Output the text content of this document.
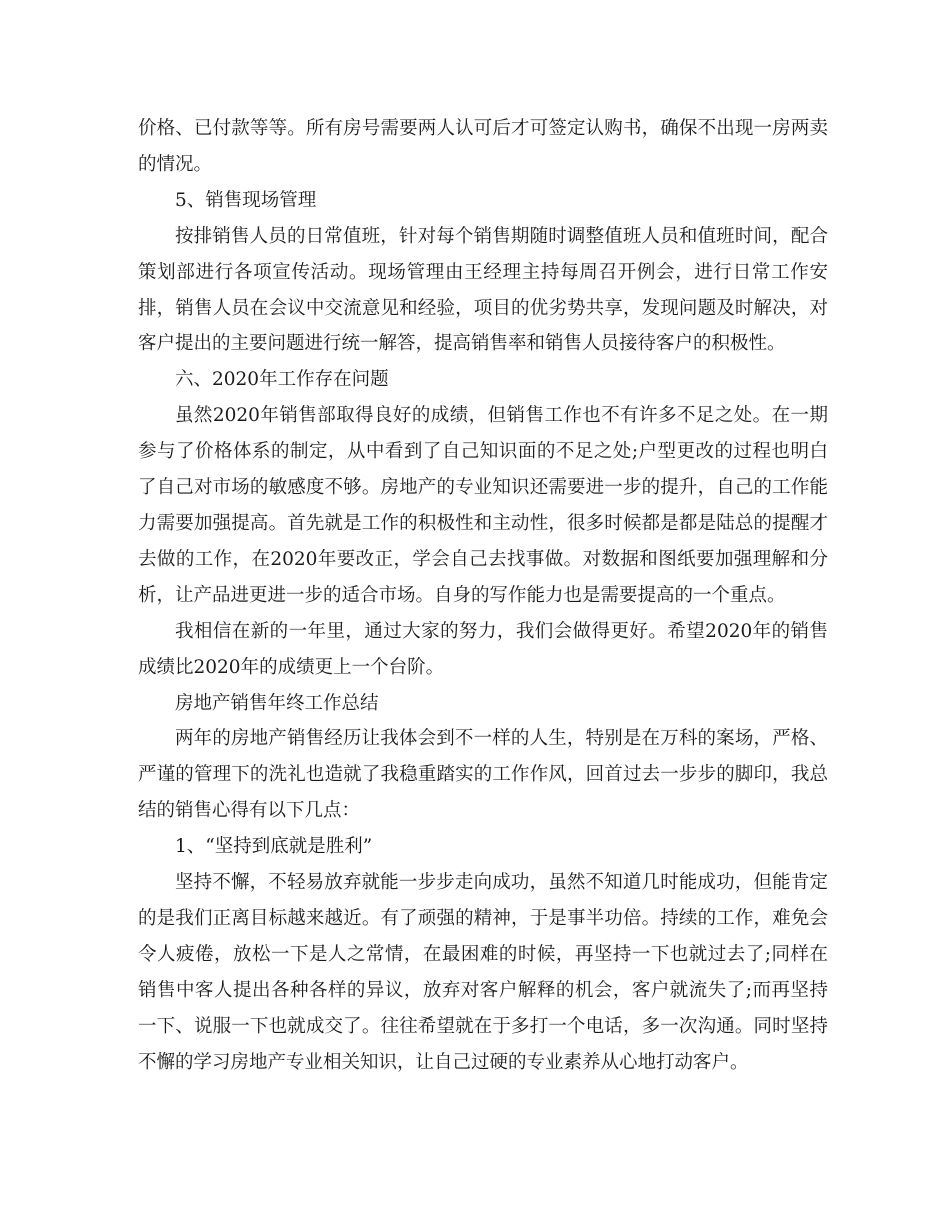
价格、已付款等等。所有房号需要两人认可后才可签定认购书，确保不出现一房两卖的情况。

5、销售现场管理

按排销售人员的日常值班，针对每个销售期随时调整值班人员和值班时间，配合策划部进行各项宣传活动。现场管理由王经理主持每周召开例会，进行日常工作安排，销售人员在会议中交流意见和经验，项目的优劣势共享，发现问题及时解决，对客户提出的主要问题进行统一解答，提高销售率和销售人员接待客户的积极性。

六、2020年工作存在问题

虽然2020年销售部取得良好的成绩，但销售工作也不有许多不足之处。在一期参与了价格体系的制定，从中看到了自己知识面的不足之处;户型更改的过程也明白了自己对市场的敏感度不够。房地产的专业知识还需要进一步的提升，自己的工作能力需要加强提高。首先就是工作的积极性和主动性，很多时候都是都是陆总的提醒才去做的工作，在2020年要改正，学会自己去找事做。对数据和图纸要加强理解和分析，让产品进更进一步的适合市场。自身的写作能力也是需要提高的一个重点。

我相信在新的一年里，通过大家的努力，我们会做得更好。希望2020年的销售成绩比2020年的成绩更上一个台阶。

房地产销售年终工作总结

两年的房地产销售经历让我体会到不一样的人生，特别是在万科的案场，严格、严谨的管理下的洗礼也造就了我稳重踏实的工作作风，回首过去一步步的脚印，我总结的销售心得有以下几点：

1、“坚持到底就是胜利”

坚持不懈，不轻易放弃就能一步步走向成功，虽然不知道几时能成功，但能肯定的是我们正离目标越来越近。有了顽强的精神，于是事半功倍。持续的工作，难免会令人疲倦，放松一下是人之常情，在最困难的时候，再坚持一下也就过去了;同样在销售中客人提出各种各样的异议，放弃对客户解释的机会，客户就流失了;而再坚持一下、说服一下也就成交了。往往希望就在于多打一个电话，多一次沟通。同时坚持不懈的学习房地产专业相关知识，让自己过硬的专业素养从心地打动客户。
